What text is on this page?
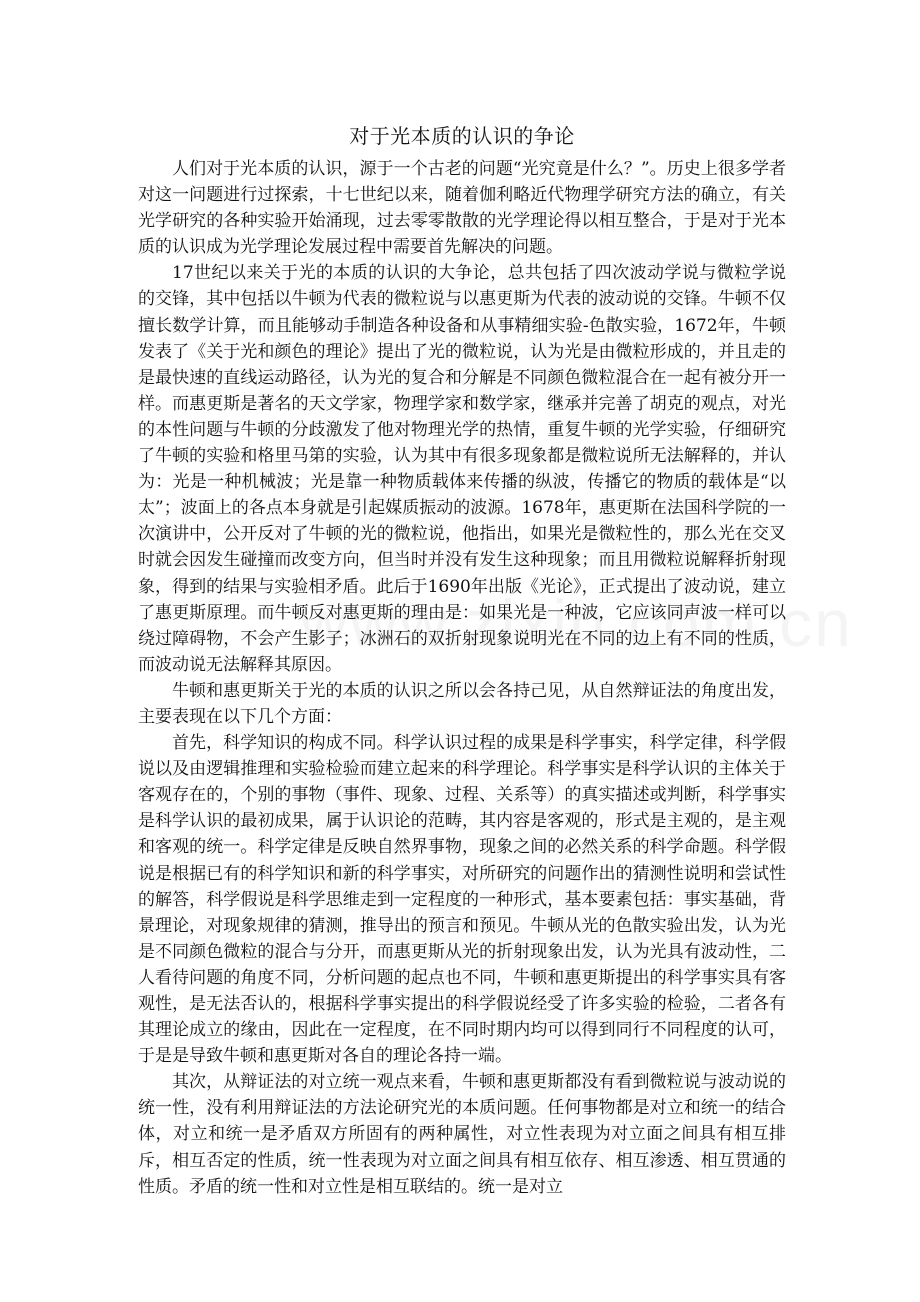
对于光本质的认识的争论

人们对于光本质的认识，源于一个古老的问题“光究竟是什么？”。历史上很多学者对这一问题进行过探索，十七世纪以来，随着伽利略近代物理学研究方法的确立，有关光学研究的各种实验开始涌现，过去零零散散的光学理论得以相互整合，于是对于光本质的认识成为光学理论发展过程中需要首先解决的问题。

17世纪以来关于光的本质的认识的大争论，总共包括了四次波动学说与微粒学说的交锋，其中包括以牛顿为代表的微粒说与以惠更斯为代表的波动说的交锋。牛顿不仅擅长数学计算，而且能够动手制造各种设备和从事精细实验-色散实验，1672年，牛顿发表了《关于光和颜色的理论》提出了光的微粒说，认为光是由微粒形成的，并且走的是最快速的直线运动路径，认为光的复合和分解是不同颜色微粒混合在一起有被分开一样。而惠更斯是著名的天文学家，物理学家和数学家，继承并完善了胡克的观点，对光的本性问题与牛顿的分歧激发了他对物理光学的热情，重复牛顿的光学实验，仔细研究了牛顿的实验和格里马第的实验，认为其中有很多现象都是微粒说所无法解释的，并认为：光是一种机械波；光是靠一种物质载体来传播的纵波，传播它的物质的载体是“以太”；波面上的各点本身就是引起媒质振动的波源。1678年，惠更斯在法国科学院的一次演讲中，公开反对了牛顿的光的微粒说，他指出，如果光是微粒性的，那么光在交叉时就会因发生碰撞而改变方向，但当时并没有发生这种现象；而且用微粒说解释折射现象，得到的结果与实验相矛盾。此后于1690年出版《光论》，正式提出了波动说，建立了惠更斯原理。而牛顿反对惠更斯的理由是：如果光是一种波，它应该同声波一样可以绕过障碍物，不会产生影子；冰洲石的双折射现象说明光在不同的边上有不同的性质，而波动说无法解释其原因。

牛顿和惠更斯关于光的本质的认识之所以会各持己见，从自然辩证法的角度出发，主要表现在以下几个方面：

首先，科学知识的构成不同。科学认识过程的成果是科学事实，科学定律，科学假说以及由逻辑推理和实验检验而建立起来的科学理论。科学事实是科学认识的主体关于客观存在的，个别的事物（事件、现象、过程、关系等）的真实描述或判断，科学事实是科学认识的最初成果，属于认识论的范畴，其内容是客观的，形式是主观的，是主观和客观的统一。科学定律是反映自然界事物，现象之间的必然关系的科学命题。科学假说是根据已有的科学知识和新的科学事实，对所研究的问题作出的猜测性说明和尝试性的解答，科学假说是科学思维走到一定程度的一种形式，基本要素包括：事实基础，背景理论，对现象规律的猜测，推导出的预言和预见。牛顿从光的色散实验出发，认为光是不同颜色微粒的混合与分开，而惠更斯从光的折射现象出发，认为光具有波动性，二人看待问题的角度不同，分析问题的起点也不同，牛顿和惠更斯提出的科学事实具有客观性，是无法否认的，根据科学事实提出的科学假说经受了许多实验的检验，二者各有其理论成立的缘由，因此在一定程度，在不同时期内均可以得到同行不同程度的认可，于是是导致牛顿和惠更斯对各自的理论各持一端。

其次，从辩证法的对立统一观点来看，牛顿和惠更斯都没有看到微粒说与波动说的统一性，没有利用辩证法的方法论研究光的本质问题。任何事物都是对立和统一的结合体，对立和统一是矛盾双方所固有的两种属性，对立性表现为对立面之间具有相互排斥，相互否定的性质，统一性表现为对立面之间具有相互依存、相互渗透、相互贯通的性质。矛盾的统一性和对立性是相互联结的。统一是对立
